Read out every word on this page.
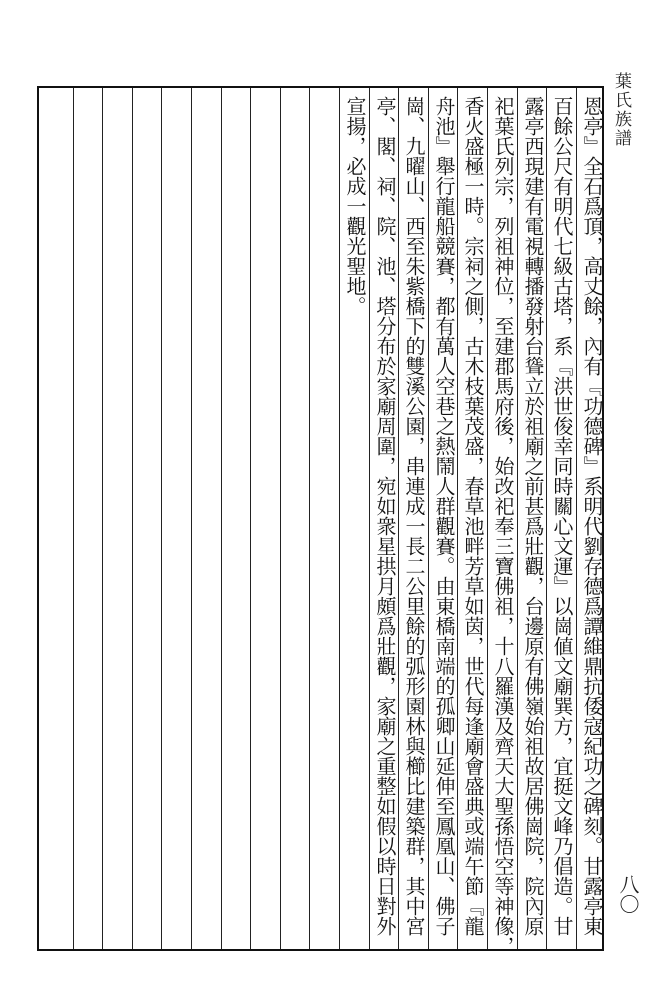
葉氏族譜
恩亭』全石爲頂，高丈餘，內有『功德碑』系明代劉存德爲譚維鼎抗倭寇紀功之碑刻。甘露亭東
百餘公尺有明代七級古塔，系『洪世俊幸同時關心文運』以崗値文廟巽方，宜挺文峰乃倡造。甘
露亭西現建有電視轉播發射台聳立於祖廟之前甚爲壯觀，台邊原有佛嶺始祖故居佛崗院，院內原
祀葉氏列宗，列祖神位，至建郡馬府後，始改祀奉三寶佛祖，十八羅漢及齊天大聖孫悟空等神像，
香火盛極一時。宗祠之側，古木枝葉茂盛，春草池畔芳草如茵，世代每逢廟會盛典或端午節『龍
舟池』舉行龍船競賽，都有萬人空巷之熱鬧人群觀賽。由東橋南端的孤卿山延伸至鳳凰山、佛子
崗、九曜山、西至朱紫橋下的雙溪公園，串連成一長二公里餘的弧形園林與櫛比建築群，其中宮
亭、閣、祠、院、池、塔分布於家廟周圍，宛如衆星拱月頗爲壯觀，家廟之重整如假以時日對外
宣揚，必成一觀光聖地。
八〇
